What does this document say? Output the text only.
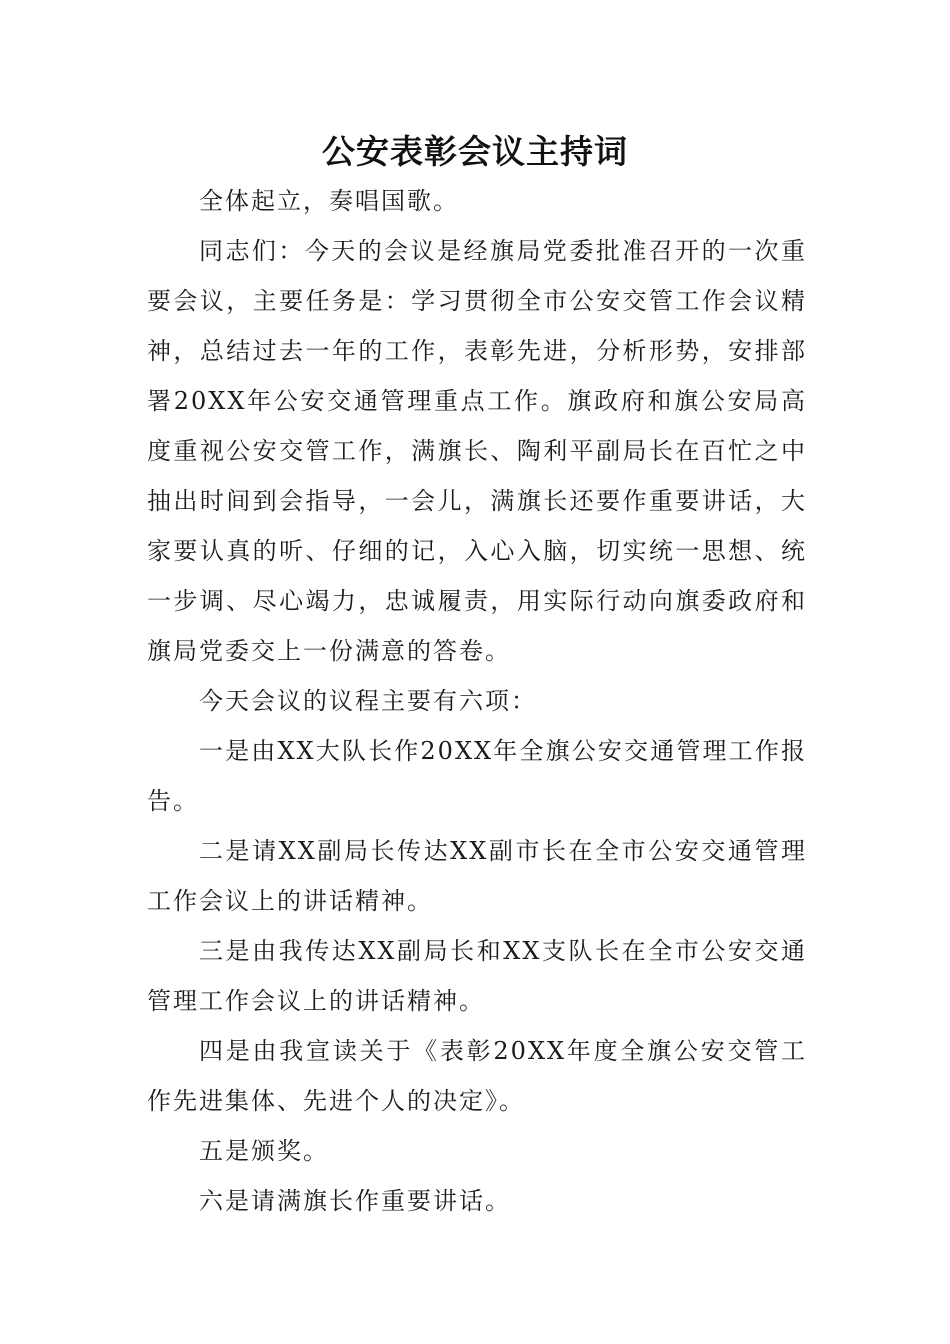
公安表彰会议主持词

全体起立，奏唱国歌。

同志们：今天的会议是经旗局党委批准召开的一次重要会议，主要任务是：学习贯彻全市公安交管工作会议精神，总结过去一年的工作，表彰先进，分析形势，安排部署20XX年公安交通管理重点工作。旗政府和旗公安局高度重视公安交管工作，满旗长、陶利平副局长在百忙之中抽出时间到会指导，一会儿，满旗长还要作重要讲话，大家要认真的听、仔细的记，入心入脑，切实统一思想、统一步调、尽心竭力，忠诚履责，用实际行动向旗委政府和旗局党委交上一份满意的答卷。

今天会议的议程主要有六项：

一是由XX大队长作20XX年全旗公安交通管理工作报告。

二是请XX副局长传达XX副市长在全市公安交通管理工作会议上的讲话精神。

三是由我传达XX副局长和XX支队长在全市公安交通管理工作会议上的讲话精神。

四是由我宣读关于《表彰20XX年度全旗公安交管工作先进集体、先进个人的决定》。

五是颁奖。

六是请满旗长作重要讲话。
